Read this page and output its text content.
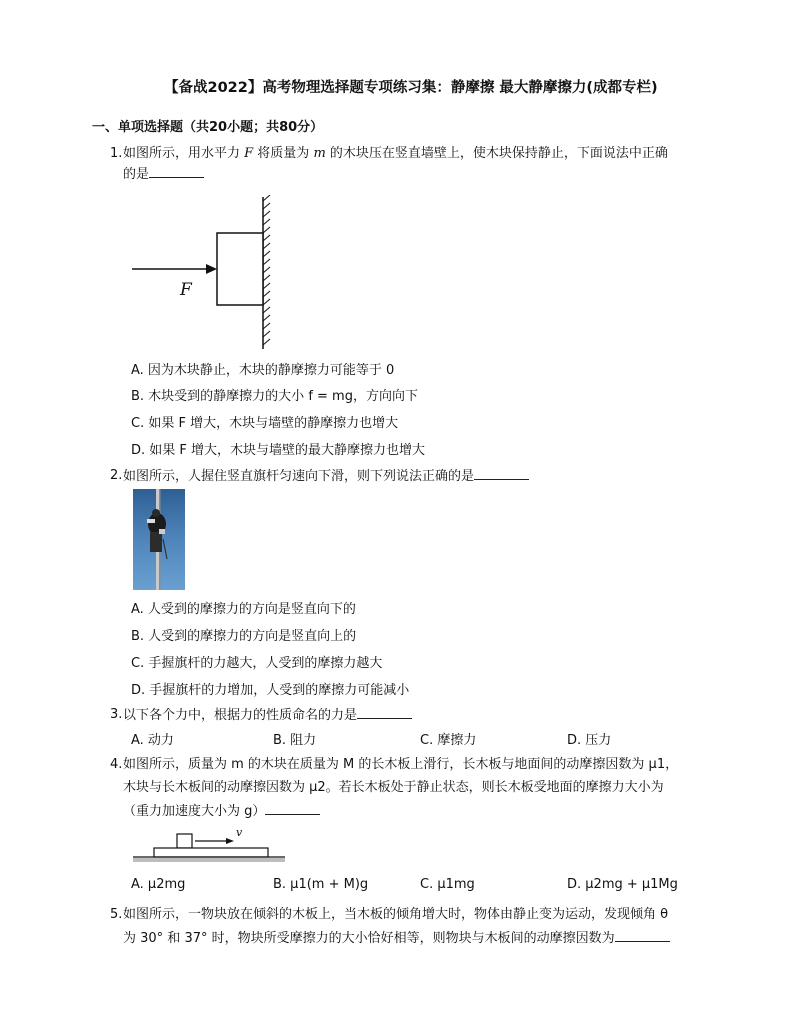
【备战2022】高考物理选择题专项练习集：静摩擦 最大静摩擦力(成都专栏)
一、单项选择题（共20小题；共80分）
1. 如图所示，用水平力 F 将质量为 m 的木块压在竖直墙壁上，使木块保持静止，下面说法中正确
的是
F
A. 因为木块静止，木块的静摩擦力可能等于 0
B. 木块受到的静摩擦力的大小 f = mg，方向向下
C. 如果 F 增大，木块与墙壁的静摩擦力也增大
D. 如果 F 增大，木块与墙壁的最大静摩擦力也增大
2. 如图所示，人握住竖直旗杆匀速向下滑，则下列说法正确的是
A. 人受到的摩擦力的方向是竖直向下的
B. 人受到的摩擦力的方向是竖直向上的
C. 手握旗杆的力越大，人受到的摩擦力越大
D. 手握旗杆的力增加，人受到的摩擦力可能减小
3. 以下各个力中，根据力的性质命名的力是
A. 动力	B. 阻力	C. 摩擦力	D. 压力
4. 如图所示，质量为 m 的木块在质量为 M 的长木板上滑行，长木板与地面间的动摩擦因数为 μ1，
木块与长木板间的动摩擦因数为 μ2。若长木板处于静止状态，则长木板受地面的摩擦力大小为
（重力加速度大小为 g）
v
A. μ2mg	B. μ1(m + M)g	C. μ1mg	D. μ2mg + μ1Mg
5. 如图所示，一物块放在倾斜的木板上，当木板的倾角增大时，物体由静止变为运动，发现倾角 θ
为 30° 和 37° 时，物块所受摩擦力的大小恰好相等，则物块与木板间的动摩擦因数为
